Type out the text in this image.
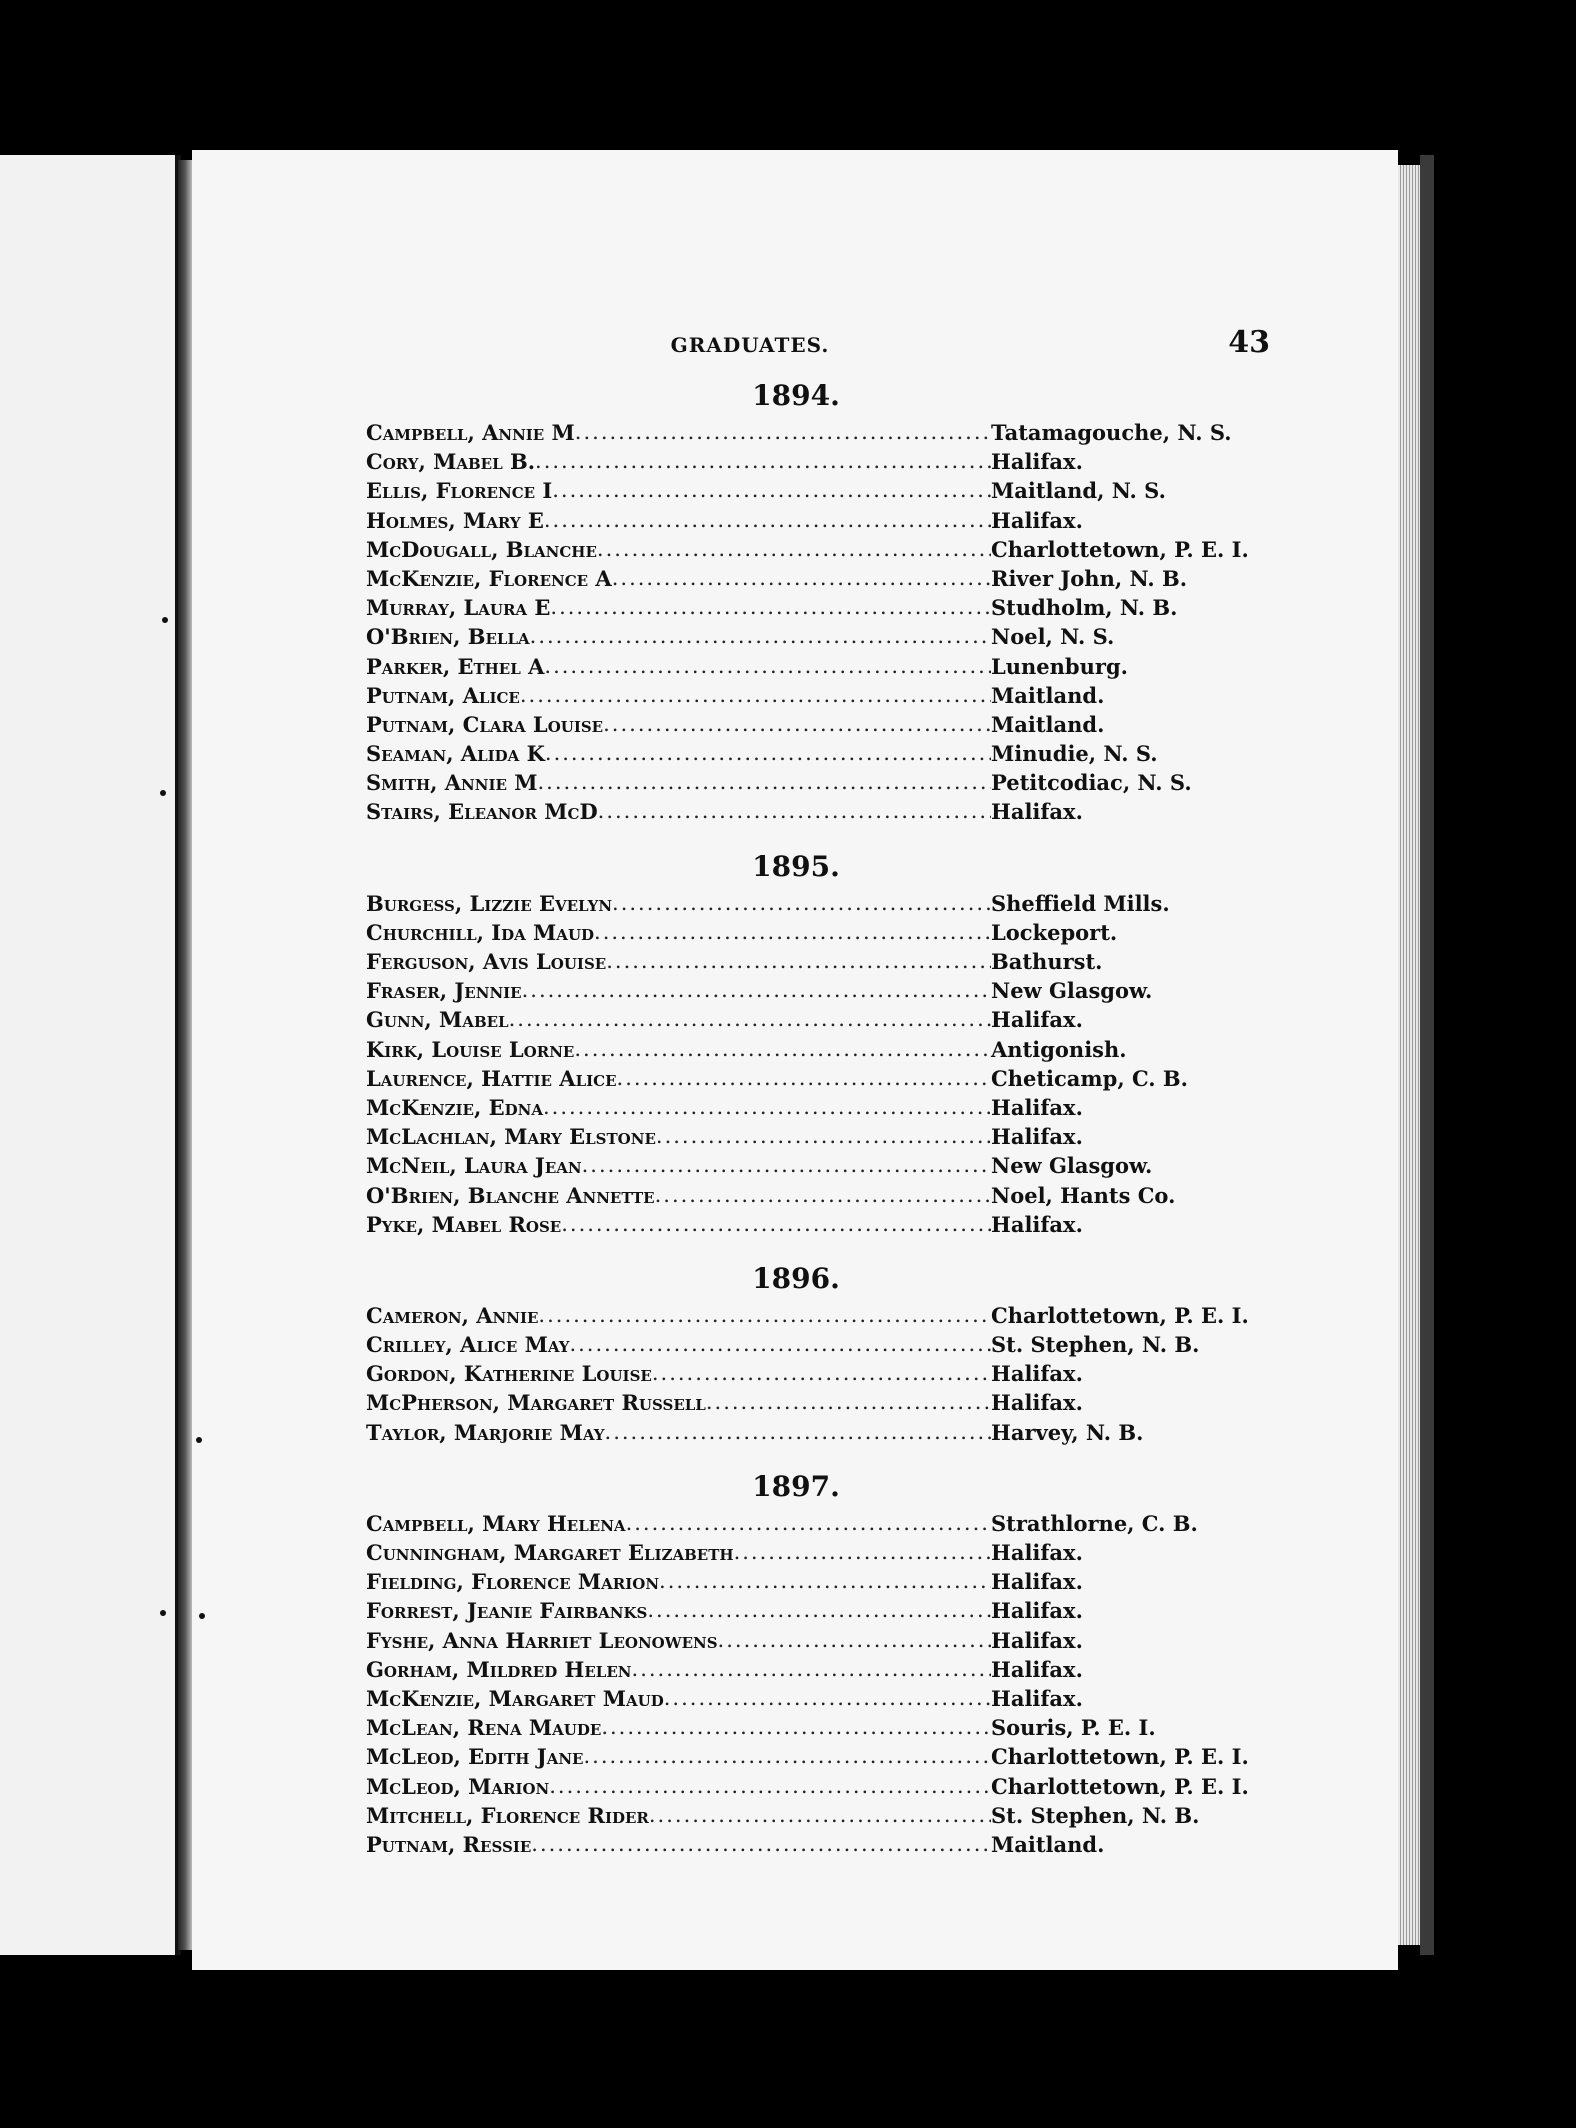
GRADUATES.	43
1894.
Campbell, Annie M .....	Tatamagouche, N. S.
Cory, Mabel B. .....	Halifax.
Ellis, Florence I .....	Maitland, N. S.
Holmes, Mary E .....	Halifax.
McDougall, Blanche .....	Charlottetown, P. E. I.
McKenzie, Florence A .....	River John, N. B.
Murray, Laura E .....	Studholm, N. B.
O'Brien, Bella .....	Noel, N. S.
Parker, Ethel A .....	Lunenburg.
Putnam, Alice .....	Maitland.
Putnam, Clara Louise .....	Maitland.
Seaman, Alida K .....	Minudie, N. S.
Smith, Annie M .....	Petitcodiac, N. S.
Stairs, Eleanor McD .....	Halifax.
1895.
Burgess, Lizzie Evelyn .....	Sheffield Mills.
Churchill, Ida Maud .....	Lockeport.
Ferguson, Avis Louise .....	Bathurst.
Fraser, Jennie .....	New Glasgow.
Gunn, Mabel .....	Halifax.
Kirk, Louise Lorne .....	Antigonish.
Laurence, Hattie Alice .....	Cheticamp, C. B.
McKenzie, Edna .....	Halifax.
McLachlan, Mary Elstone .....	Halifax.
McNeil, Laura Jean .....	New Glasgow.
O'Brien, Blanche Annette .....	Noel, Hants Co.
Pyke, Mabel Rose .....	Halifax.
1896.
Cameron, Annie .....	Charlottetown, P. E. I.
Crilley, Alice May .....	St. Stephen, N. B.
Gordon, Katherine Louise .....	Halifax.
McPherson, Margaret Russell .....	Halifax.
Taylor, Marjorie May .....	Harvey, N. B.
1897.
Campbell, Mary Helena .....	Strathlorne, C. B.
Cunningham, Margaret Elizabeth .....	Halifax.
Fielding, Florence Marion .....	Halifax.
Forrest, Jeanie Fairbanks .....	Halifax.
Fyshe, Anna Harriet Leonowens .....	Halifax.
Gorham, Mildred Helen .....	Halifax.
McKenzie, Margaret Maud .....	Halifax.
McLean, Rena Maude .....	Souris, P. E. I.
McLeod, Edith Jane .....	Charlottetown, P. E. I.
McLeod, Marion .....	Charlottetown, P. E. I.
Mitchell, Florence Rider .....	St. Stephen, N. B.
Putnam, Ressie .....	Maitland.
